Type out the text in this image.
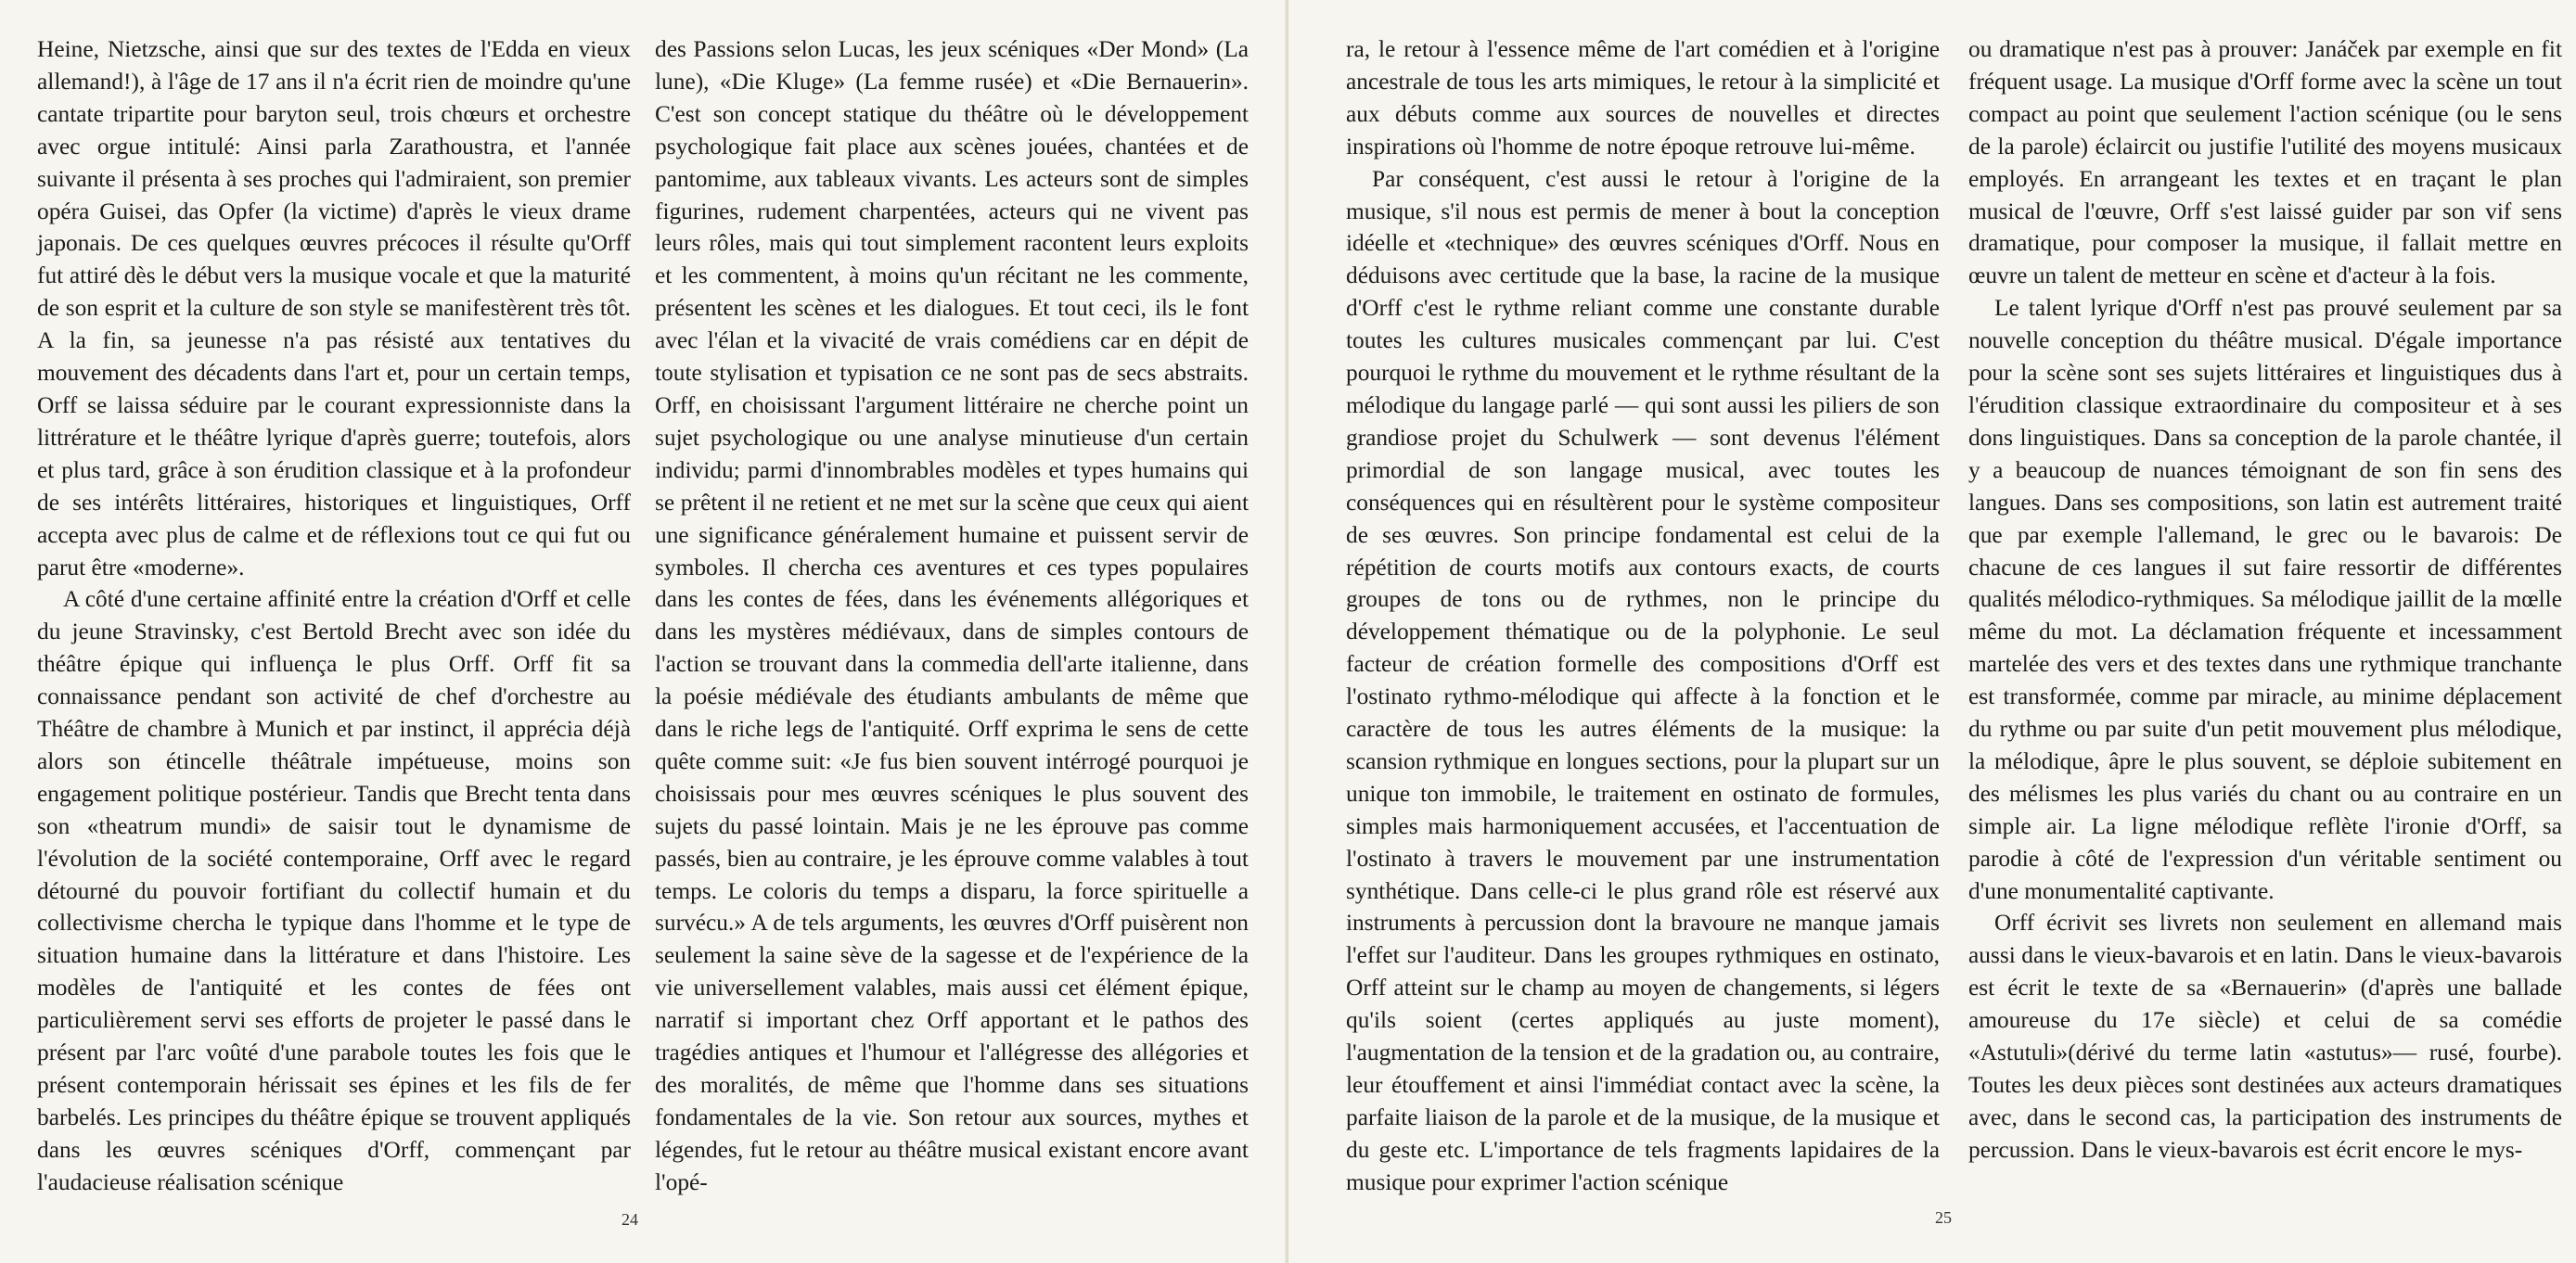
Heine, Nietzsche, ainsi que sur des textes de l'Edda en vieux allemand!), à l'âge de 17 ans il n'a écrit rien de moindre qu'une cantate tripartite pour baryton seul, trois chœurs et orchestre avec orgue intitulé: Ainsi parla Zarathoustra, et l'année suivante il présenta à ses proches qui l'admiraient, son premier opéra Guisei, das Opfer (la victime) d'après le vieux drame japonais. De ces quelques œuvres précoces il résulte qu'Orff fut attiré dès le début vers la musique vocale et que la maturité de son esprit et la culture de son style se manifestèrent très tôt. A la fin, sa jeunesse n'a pas résisté aux tentatives du mouvement des décadents dans l'art et, pour un certain temps, Orff se laissa séduire par le courant expressionniste dans la littrérature et le théâtre lyrique d'après guerre; toutefois, alors et plus tard, grâce à son érudition classique et à la profondeur de ses intérêts littéraires, historiques et linguistiques, Orff accepta avec plus de calme et de réflexions tout ce qui fut ou parut être «moderne».

A côté d'une certaine affinité entre la création d'Orff et celle du jeune Stravinsky, c'est Bertold Brecht avec son idée du théâtre épique qui influença le plus Orff. Orff fit sa connaissance pendant son activité de chef d'orchestre au Théâtre de chambre à Munich et par instinct, il apprécia déjà alors son étincelle théâtrale impétueuse, moins son engagement politique postérieur. Tandis que Brecht tenta dans son «theatrum mundi» de saisir tout le dynamisme de l'évolution de la société contemporaine, Orff avec le regard détourné du pouvoir fortifiant du collectif humain et du collectivisme chercha le typique dans l'homme et le type de situation humaine dans la littérature et dans l'histoire. Les modèles de l'antiquité et les contes de fées ont particulièrement servi ses efforts de projeter le passé dans le présent par l'arc voûté d'une parabole toutes les fois que le présent contemporain hérissait ses épines et les fils de fer barbelés. Les principes du théâtre épique se trouvent appliqués dans les œuvres scéniques d'Orff, commençant par l'audacieuse réalisation scénique

des Passions selon Lucas, les jeux scéniques «Der Mond» (La lune), «Die Kluge» (La femme rusée) et «Die Bernauerin». C'est son concept statique du théâtre où le développement psychologique fait place aux scènes jouées, chantées et de pantomime, aux tableaux vivants. Les acteurs sont de simples figurines, rudement charpentées, acteurs qui ne vivent pas leurs rôles, mais qui tout simplement racontent leurs exploits et les commentent, à moins qu'un récitant ne les commente, présentent les scènes et les dialogues. Et tout ceci, ils le font avec l'élan et la vivacité de vrais comédiens car en dépit de toute stylisation et typisation ce ne sont pas de secs abstraits. Orff, en choisissant l'argument littéraire ne cherche point un sujet psychologique ou une analyse minutieuse d'un certain individu; parmi d'innombrables modèles et types humains qui se prêtent il ne retient et ne met sur la scène que ceux qui aient une significance généralement humaine et puissent servir de symboles. Il chercha ces aventures et ces types populaires dans les contes de fées, dans les événements allégoriques et dans les mystères médiévaux, dans de simples contours de l'action se trouvant dans la commedia dell'arte italienne, dans la poésie médiévale des étudiants ambulants de même que dans le riche legs de l'antiquité. Orff exprima le sens de cette quête comme suit: «Je fus bien souvent intérrogé pourquoi je choisissais pour mes œuvres scéniques le plus souvent des sujets du passé lointain. Mais je ne les éprouve pas comme passés, bien au contraire, je les éprouve comme valables à tout temps. Le coloris du temps a disparu, la force spirituelle a survécu.» A de tels arguments, les œuvres d'Orff puisèrent non seulement la saine sève de la sagesse et de l'expérience de la vie universellement valables, mais aussi cet élément épique, narratif si important chez Orff apportant et le pathos des tragédies antiques et l'humour et l'allégresse des allégories et des moralités, de même que l'homme dans ses situations fondamentales de la vie. Son retour aux sources, mythes et légendes, fut le retour au théâtre musical existant encore avant l'opé-

24

ra, le retour à l'essence même de l'art comédien et à l'origine ancestrale de tous les arts mimiques, le retour à la simplicité et aux débuts comme aux sources de nouvelles et directes inspirations où l'homme de notre époque retrouve lui-même.

Par conséquent, c'est aussi le retour à l'origine de la musique, s'il nous est permis de mener à bout la conception idéelle et «technique» des œuvres scéniques d'Orff. Nous en déduisons avec certitude que la base, la racine de la musique d'Orff c'est le rythme reliant comme une constante durable toutes les cultures musicales commençant par lui. C'est pourquoi le rythme du mouvement et le rythme résultant de la mélodique du langage parlé — qui sont aussi les piliers de son grandiose projet du Schulwerk — sont devenus l'élément primordial de son langage musical, avec toutes les conséquences qui en résultèrent pour le système compositeur de ses œuvres. Son principe fondamental est celui de la répétition de courts motifs aux contours exacts, de courts groupes de tons ou de rythmes, non le principe du développement thématique ou de la polyphonie. Le seul facteur de création formelle des compositions d'Orff est l'ostinato rythmo-mélodique qui affecte à la fonction et le caractère de tous les autres éléments de la musique: la scansion rythmique en longues sections, pour la plupart sur un unique ton immobile, le traitement en ostinato de formules, simples mais harmoniquement accusées, et l'accentuation de l'ostinato à travers le mouvement par une instrumentation synthétique. Dans celle-ci le plus grand rôle est réservé aux instruments à percussion dont la bravoure ne manque jamais l'effet sur l'auditeur. Dans les groupes rythmiques en ostinato, Orff atteint sur le champ au moyen de changements, si légers qu'ils soient (certes appliqués au juste moment), l'augmentation de la tension et de la gradation ou, au contraire, leur étouffement et ainsi l'immédiat contact avec la scène, la parfaite liaison de la parole et de la musique, de la musique et du geste etc. L'importance de tels fragments lapidaires de la musique pour exprimer l'action scénique

ou dramatique n'est pas à prouver: Janáček par exemple en fit fréquent usage. La musique d'Orff forme avec la scène un tout compact au point que seulement l'action scénique (ou le sens de la parole) éclaircit ou justifie l'utilité des moyens musicaux employés. En arrangeant les textes et en traçant le plan musical de l'œuvre, Orff s'est laissé guider par son vif sens dramatique, pour composer la musique, il fallait mettre en œuvre un talent de metteur en scène et d'acteur à la fois.

Le talent lyrique d'Orff n'est pas prouvé seulement par sa nouvelle conception du théâtre musical. D'égale importance pour la scène sont ses sujets littéraires et linguistiques dus à l'érudition classique extraordinaire du compositeur et à ses dons linguistiques. Dans sa conception de la parole chantée, il y a beaucoup de nuances témoignant de son fin sens des langues. Dans ses compositions, son latin est autrement traité que par exemple l'allemand, le grec ou le bavarois: De chacune de ces langues il sut faire ressortir de différentes qualités mélodico-rythmiques. Sa mélodique jaillit de la mœlle même du mot. La déclamation fréquente et incessamment martelée des vers et des textes dans une rythmique tranchante est transformée, comme par miracle, au minime déplacement du rythme ou par suite d'un petit mouvement plus mélodique, la mélodique, âpre le plus souvent, se déploie subitement en des mélismes les plus variés du chant ou au contraire en un simple air. La ligne mélodique reflète l'ironie d'Orff, sa parodie à côté de l'expression d'un véritable sentiment ou d'une monumentalité captivante.

Orff écrivit ses livrets non seulement en allemand mais aussi dans le vieux-bavarois et en latin. Dans le vieux-bavarois est écrit le texte de sa «Bernauerin» (d'après une ballade amoureuse du 17e siècle) et celui de sa comédie «Astutuli»(dérivé du terme latin «astutus»— rusé, fourbe). Toutes les deux pièces sont destinées aux acteurs dramatiques avec, dans le second cas, la participation des instruments de percussion. Dans le vieux-bavarois est écrit encore le mys-

25
